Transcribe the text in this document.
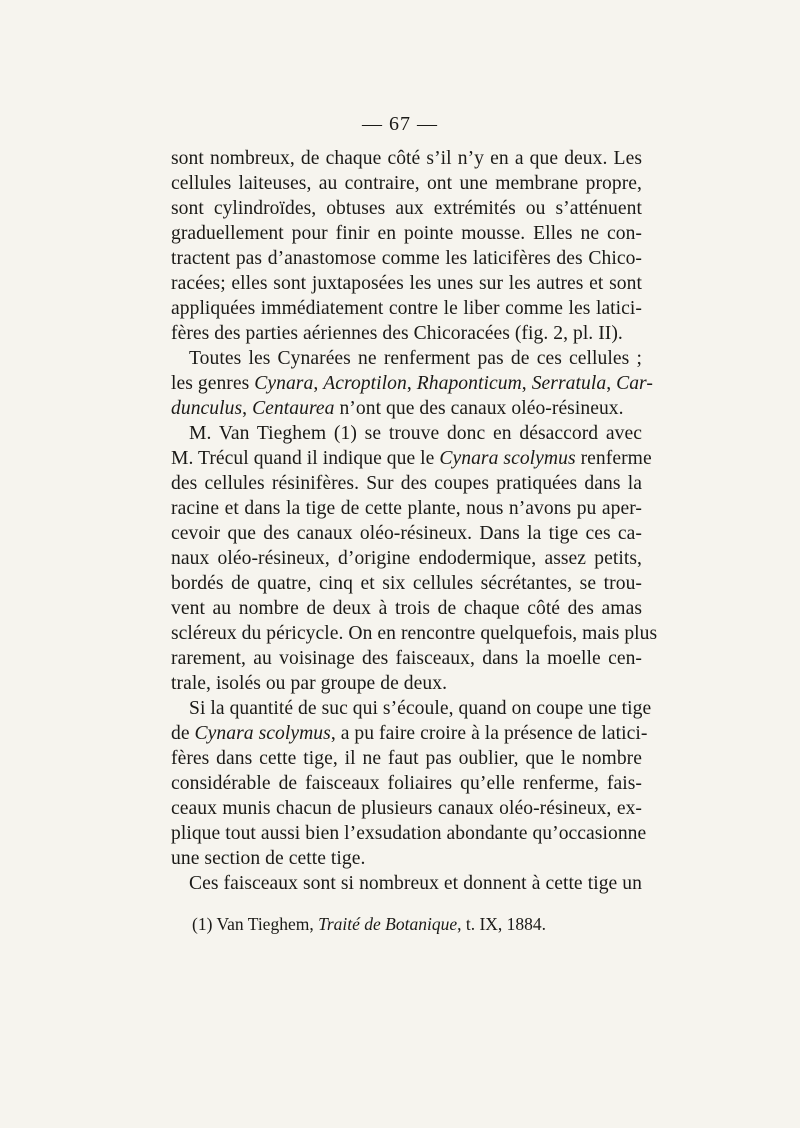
— 67 —
sont nombreux, de chaque côté s’il n’y en a que deux. Les
cellules laiteuses, au contraire, ont une membrane propre,
sont cylindroïdes, obtuses aux extrémités ou s’atténuent
graduellement pour finir en pointe mousse. Elles ne con-
tractent pas d’anastomose comme les laticifères des Chico-
racées; elles sont juxtaposées les unes sur les autres et sont
appliquées immédiatement contre le liber comme les latici-
fères des parties aériennes des Chicoracées (fig. 2, pl. II).
Toutes les Cynarées ne renferment pas de ces cellules ;
les genres Cynara, Acroptilon, Rhaponticum, Serratula, Car-
dunculus, Centaurea n’ont que des canaux oléo-résineux.
M. Van Tieghem (1) se trouve donc en désaccord avec
M. Trécul quand il indique que le Cynara scolymus renferme
des cellules résinifères. Sur des coupes pratiquées dans la
racine et dans la tige de cette plante, nous n’avons pu aper-
cevoir que des canaux oléo-résineux. Dans la tige ces ca-
naux oléo-résineux, d’origine endodermique, assez petits,
bordés de quatre, cinq et six cellules sécrétantes, se trou-
vent au nombre de deux à trois de chaque côté des amas
scléreux du péricycle. On en rencontre quelquefois, mais plus
rarement, au voisinage des faisceaux, dans la moelle cen-
trale, isolés ou par groupe de deux.
Si la quantité de suc qui s’écoule, quand on coupe une tige
de Cynara scolymus, a pu faire croire à la présence de latici-
fères dans cette tige, il ne faut pas oublier, que le nombre
considérable de faisceaux foliaires qu’elle renferme, fais-
ceaux munis chacun de plusieurs canaux oléo-résineux, ex-
plique tout aussi bien l’exsudation abondante qu’occasionne
une section de cette tige.
Ces faisceaux sont si nombreux et donnent à cette tige un
(1) Van Tieghem, Traité de Botanique, t. IX, 1884.
